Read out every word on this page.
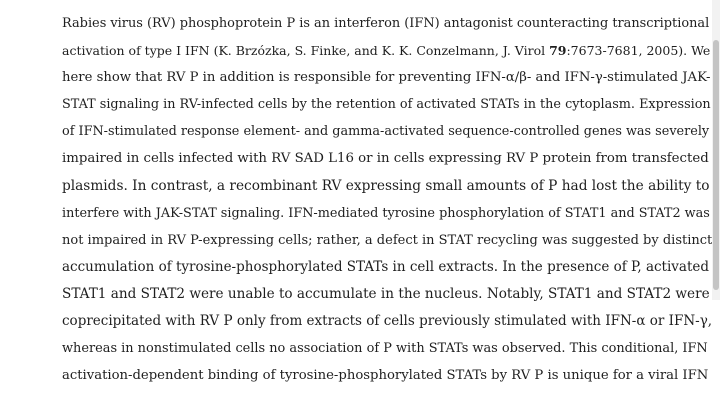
Rabies virus (RV) phosphoprotein P is an interferon (IFN) antagonist counteracting transcriptional
activation of type I IFN (K. Brzózka, S. Finke, and K. K. Conzelmann, J. Virol 79:7673-7681, 2005). We
here show that RV P in addition is responsible for preventing IFN-α/β- and IFN-γ-stimulated JAK-
STAT signaling in RV-infected cells by the retention of activated STATs in the cytoplasm. Expression
of IFN-stimulated response element- and gamma-activated sequence-controlled genes was severely
impaired in cells infected with RV SAD L16 or in cells expressing RV P protein from transfected
plasmids. In contrast, a recombinant RV expressing small amounts of P had lost the ability to
interfere with JAK-STAT signaling. IFN-mediated tyrosine phosphorylation of STAT1 and STAT2 was
not impaired in RV P-expressing cells; rather, a defect in STAT recycling was suggested by distinct
accumulation of tyrosine-phosphorylated STATs in cell extracts. In the presence of P, activated
STAT1 and STAT2 were unable to accumulate in the nucleus. Notably, STAT1 and STAT2 were
coprecipitated with RV P only from extracts of cells previously stimulated with IFN-α or IFN-γ,
whereas in nonstimulated cells no association of P with STATs was observed. This conditional, IFN
activation-dependent binding of tyrosine-phosphorylated STATs by RV P is unique for a viral IFN
